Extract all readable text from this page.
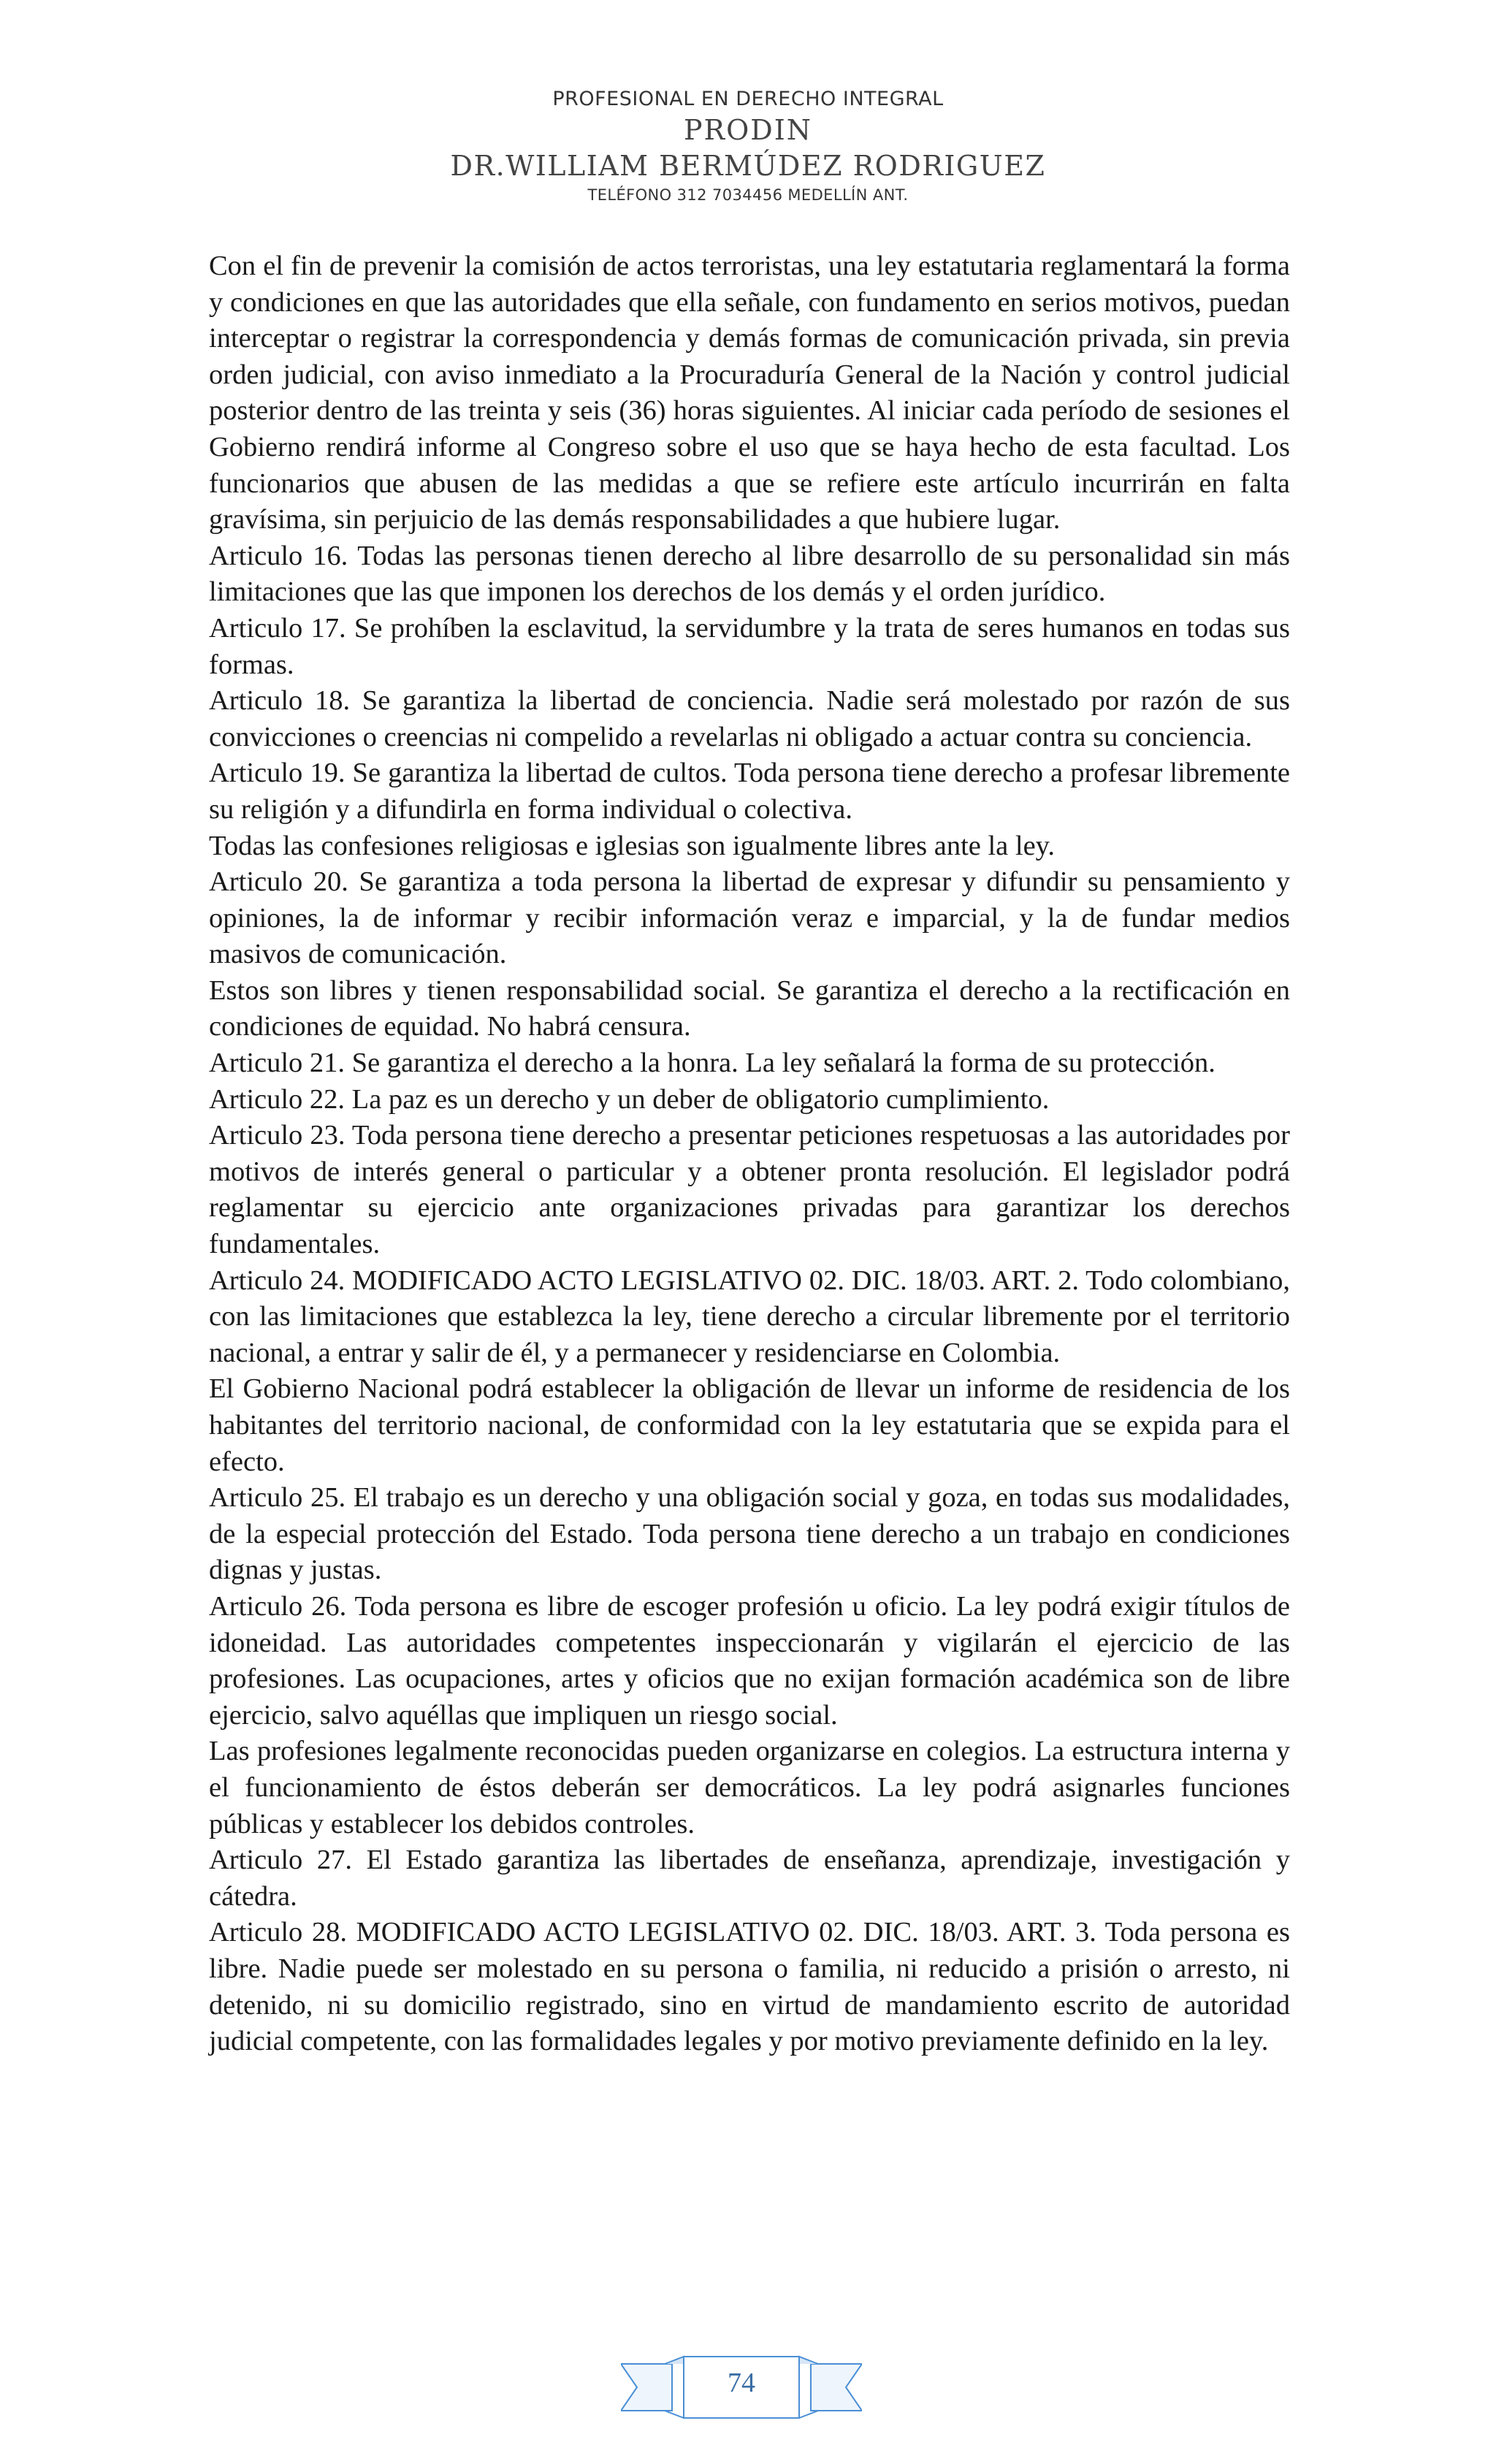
PROFESIONAL EN DERECHO INTEGRAL
PRODIN
DR.WILLIAM BERMÚDEZ RODRIGUEZ
TELÉFONO 312 7034456 MEDELLÍN ANT.

Con el fin de prevenir la comisión de actos terroristas, una ley estatutaria reglamentará la forma y condiciones en que las autoridades que ella señale, con fundamento en serios motivos, puedan interceptar o registrar la correspondencia y demás formas de comunicación privada, sin previa orden judicial, con aviso inmediato a la Procuraduría General de la Nación y control judicial posterior dentro de las treinta y seis (36) horas siguientes. Al iniciar cada período de sesiones el Gobierno rendirá informe al Congreso sobre el uso que se haya hecho de esta facultad. Los funcionarios que abusen de las medidas a que se refiere este artículo incurrirán en falta gravísima, sin perjuicio de las demás responsabilidades a que hubiere lugar.

Articulo 16. Todas las personas tienen derecho al libre desarrollo de su personalidad sin más limitaciones que las que imponen los derechos de los demás y el orden jurídico.

Articulo 17. Se prohíben la esclavitud, la servidumbre y la trata de seres humanos en todas sus formas.

Articulo 18. Se garantiza la libertad de conciencia. Nadie será molestado por razón de sus convicciones o creencias ni compelido a revelarlas ni obligado a actuar contra su conciencia.

Articulo 19. Se garantiza la libertad de cultos. Toda persona tiene derecho a profesar libremente su religión y a difundirla en forma individual o colectiva.

Todas las confesiones religiosas e iglesias son igualmente libres ante la ley.

Articulo 20. Se garantiza a toda persona la libertad de expresar y difundir su pensamiento y opiniones, la de informar y recibir información veraz e imparcial, y la de fundar medios masivos de comunicación.

Estos son libres y tienen responsabilidad social. Se garantiza el derecho a la rectificación en condiciones de equidad. No habrá censura.

Articulo 21. Se garantiza el derecho a la honra. La ley señalará la forma de su protección.

Articulo 22. La paz es un derecho y un deber de obligatorio cumplimiento.

Articulo 23. Toda persona tiene derecho a presentar peticiones respetuosas a las autoridades por motivos de interés general o particular y a obtener pronta resolución. El legislador podrá reglamentar su ejercicio ante organizaciones privadas para garantizar los derechos fundamentales.

Articulo 24. MODIFICADO ACTO LEGISLATIVO 02. DIC. 18/03. ART. 2. Todo colombiano, con las limitaciones que establezca la ley, tiene derecho a circular libremente por el territorio nacional, a entrar y salir de él, y a permanecer y residenciarse en Colombia.

El Gobierno Nacional podrá establecer la obligación de llevar un informe de residencia de los habitantes del territorio nacional, de conformidad con la ley estatutaria que se expida para el efecto.

Articulo 25. El trabajo es un derecho y una obligación social y goza, en todas sus modalidades, de la especial protección del Estado. Toda persona tiene derecho a un trabajo en condiciones dignas y justas.

Articulo 26. Toda persona es libre de escoger profesión u oficio. La ley podrá exigir títulos de idoneidad. Las autoridades competentes inspeccionarán y vigilarán el ejercicio de las profesiones. Las ocupaciones, artes y oficios que no exijan formación académica son de libre ejercicio, salvo aquéllas que impliquen un riesgo social.

Las profesiones legalmente reconocidas pueden organizarse en colegios. La estructura interna y el funcionamiento de éstos deberán ser democráticos. La ley podrá asignarles funciones públicas y establecer los debidos controles.

Articulo 27. El Estado garantiza las libertades de enseñanza, aprendizaje, investigación y cátedra.

Articulo 28. MODIFICADO ACTO LEGISLATIVO 02. DIC. 18/03. ART. 3. Toda persona es libre. Nadie puede ser molestado en su persona o familia, ni reducido a prisión o arresto, ni detenido, ni su domicilio registrado, sino en virtud de mandamiento escrito de autoridad judicial competente, con las formalidades legales y por motivo previamente definido en la ley.

74
